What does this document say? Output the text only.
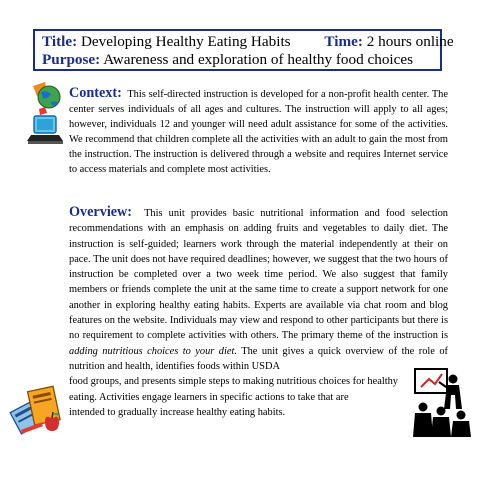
Title: Developing Healthy Eating Habits Time: 2 hours online
Purpose: Awareness and exploration of healthy food choices
Context: This self-directed instruction is developed for a non-profit health center. The center serves individuals of all ages and cultures. The instruction will apply to all ages; however, individuals 12 and younger will need adult assistance for some of the activities. We recommend that children complete all the activities with an adult to gain the most from the instruction. The instruction is delivered through a website and requires Internet service to access materials and complete most activities.
Overview: This unit provides basic nutritional information and food selection recommendations with an emphasis on adding fruits and vegetables to daily diet. The instruction is self-guided; learners work through the material independently at their on pace. The unit does not have required deadlines; however, we suggest that the two hours of instruction be completed over a two week time period. We also suggest that family members or friends complete the unit at the same time to create a support network for one another in exploring healthy eating habits. Experts are available via chat room and blog features on the website. Individuals may view and respond to other participants but there is no requirement to complete activities with others. The primary theme of the instruction is adding nutritious choices to your diet. The unit gives a quick overview of the role of nutrition and health, identifies foods within USDA
food groups, and presents simple steps to making nutritious choices for healthy
eating. Activities engage learners in specific actions to take that are
intended to gradually increase healthy eating habits.
